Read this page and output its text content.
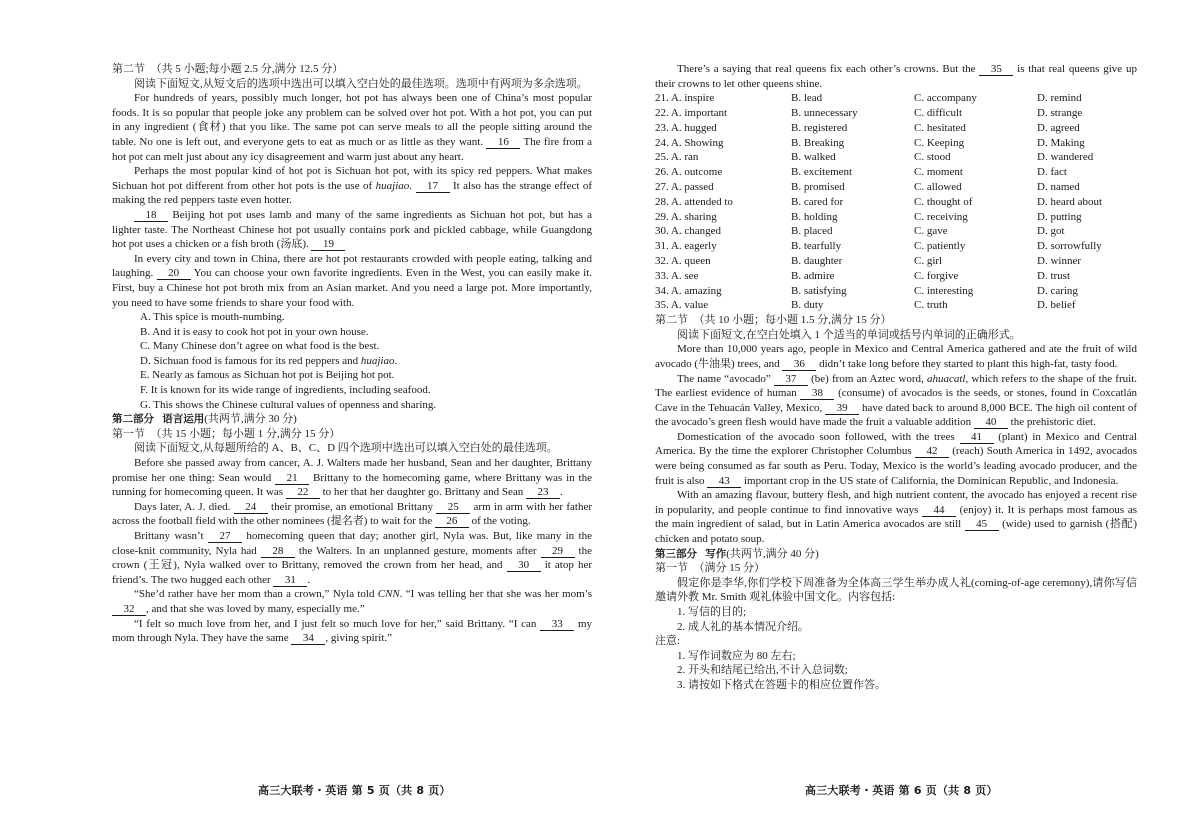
第二节　（共 5 小题;每小题 2.5 分,满分 12.5 分）

阅读下面短文,从短文后的选项中选出可以填入空白处的最佳选项。选项中有两项为多余选项。

For hundreds of years, possibly much longer, hot pot has always been one of China’s most popular foods. It is so popular that people joke any problem can be solved over hot pot. With a hot pot, you can put in any ingredient (食材) that you like. The same pot can serve meals to all the people sitting around the table. No one is left out, and everyone gets to eat as much or as little as they want. 16 The fire from a hot pot can melt just about any icy disagreement and warm just about any heart.

Perhaps the most popular kind of hot pot is Sichuan hot pot, with its spicy red peppers. What makes Sichuan hot pot different from other hot pots is the use of huajiao. 17 It also has the strange effect of making the red peppers taste even hotter.

18 Beijing hot pot uses lamb and many of the same ingredients as Sichuan hot pot, but has a lighter taste. The Northeast Chinese hot pot usually contains pork and pickled cabbage, while Guangdong hot pot uses a chicken or a fish broth (汤底). 19

In every city and town in China, there are hot pot restaurants crowded with people eating, talking and laughing. 20 You can choose your own favorite ingredients. Even in the West, you can easily make it. First, buy a Chinese hot pot broth mix from an Asian market. And you need a large pot. More importantly, you need to have some friends to share your food with.

A. This spice is mouth-numbing.

B. And it is easy to cook hot pot in your own house.

C. Many Chinese don’t agree on what food is the best.

D. Sichuan food is famous for its red peppers and huajiao.

E. Nearly as famous as Sichuan hot pot is Beijing hot pot.

F. It is known for its wide range of ingredients, including seafood.

G. This shows the Chinese cultural values of openness and sharing.

第二部分 语言运用(共两节,满分 30 分)

第一节　（共 15 小题；每小题 1 分,满分 15 分）

阅读下面短文,从每题所给的 A、B、C、D 四个选项中选出可以填入空白处的最佳选项。

Before she passed away from cancer, A. J. Walters made her husband, Sean and her daughter, Brittany promise her one thing: Sean would 21 Brittany to the homecoming game, where Brittany was in the running for homecoming queen. It was 22 to her that her daughter go. Brittany and Sean 23 .

Days later, A. J. died. 24 their promise, an emotional Brittany 25 arm in arm with her father across the football field with the other nominees (提名者) to wait for the 26 of the voting.

Brittany wasn’t 27 homecoming queen that day; another girl, Nyla was. But, like many in the close-knit community, Nyla had 28 the Walters. In an unplanned gesture, moments after 29 the crown (王冠), Nyla walked over to Brittany, removed the crown from her head, and 30 it atop her friend’s. The two hugged each other 31 .

“She’d rather have her mom than a crown,” Nyla told CNN. “I was telling her that she was her mom’s 32 , and that she was loved by many, especially me.”

“I felt so much love from her, and I just felt so much love for her,” said Brittany. “I can 33 my mom through Nyla. They have the same 34 , giving spirit.”

There’s a saying that real queens fix each other’s crowns. But the 35 is that real queens give up their crowns to let other queens shine.

21. A. inspire	B. lead	C. accompany	D. remind
22. A. important	B. unnecessary	C. difficult	D. strange
23. A. hugged	B. registered	C. hesitated	D. agreed
24. A. Showing	B. Breaking	C. Keeping	D. Making
25. A. ran	B. walked	C. stood	D. wandered
26. A. outcome	B. excitement	C. moment	D. fact
27. A. passed	B. promised	C. allowed	D. named
28. A. attended to	B. cared for	C. thought of	D. heard about
29. A. sharing	B. holding	C. receiving	D. putting
30. A. changed	B. placed	C. gave	D. got
31. A. eagerly	B. tearfully	C. patiently	D. sorrowfully
32. A. queen	B. daughter	C. girl	D. winner
33. A. see	B. admire	C. forgive	D. trust
34. A. amazing	B. satisfying	C. interesting	D. caring
35. A. value	B. duty	C. truth	D. belief

第二节　（共 10 小题；每小题 1.5 分,满分 15 分）

阅读下面短文,在空白处填入 1 个适当的单词或括号内单词的正确形式。

More than 10,000 years ago, people in Mexico and Central America gathered and ate the fruit of wild avocado (牛油果) trees, and 36 didn’t take long before they started to plant this high-fat, tasty food.

The name “avocado” 37 (be) from an Aztec word, ahuacatl, which refers to the shape of the fruit. The earliest evidence of human 38 (consume) of avocados is the seeds, or stones, found in Coxcatlán Cave in the Tehuacán Valley, Mexico, 39 have dated back to around 8,000 BCE. The high oil content of the avocado’s green flesh would have made the fruit a valuable addition 40 the prehistoric diet.

Domestication of the avocado soon followed, with the trees 41 (plant) in Mexico and Central America. By the time the explorer Christopher Columbus 42 (reach) South America in 1492, avocados were being consumed as far south as Peru. Today, Mexico is the world’s leading avocado producer, and the fruit is also 43 important crop in the US state of California, the Dominican Republic, and Indonesia.

With an amazing flavour, buttery flesh, and high nutrient content, the avocado has enjoyed a recent rise in popularity, and people continue to find innovative ways 44 (enjoy) it. It is perhaps most famous as the main ingredient of salad, but in Latin America avocados are still 45 (wide) used to garnish (搭配) chicken and potato soup.

第三部分 写作(共两节,满分 40 分)

第一节　（满分 15 分）

假定你是李华,你们学校下周准备为全体高三学生举办成人礼(coming-of-age ceremony),请你写信邀请外教 Mr. Smith 观礼体验中国文化。内容包括:

1. 写信的目的;

2. 成人礼的基本情况介绍。

注意:

1. 写作词数应为 80 左右;

2. 开头和结尾已给出,不计入总词数;

3. 请按如下格式在答题卡的相应位置作答。

高三大联考・英语 第 5 页（共 8 页）	高三大联考・英语 第 6 页（共 8 页）
